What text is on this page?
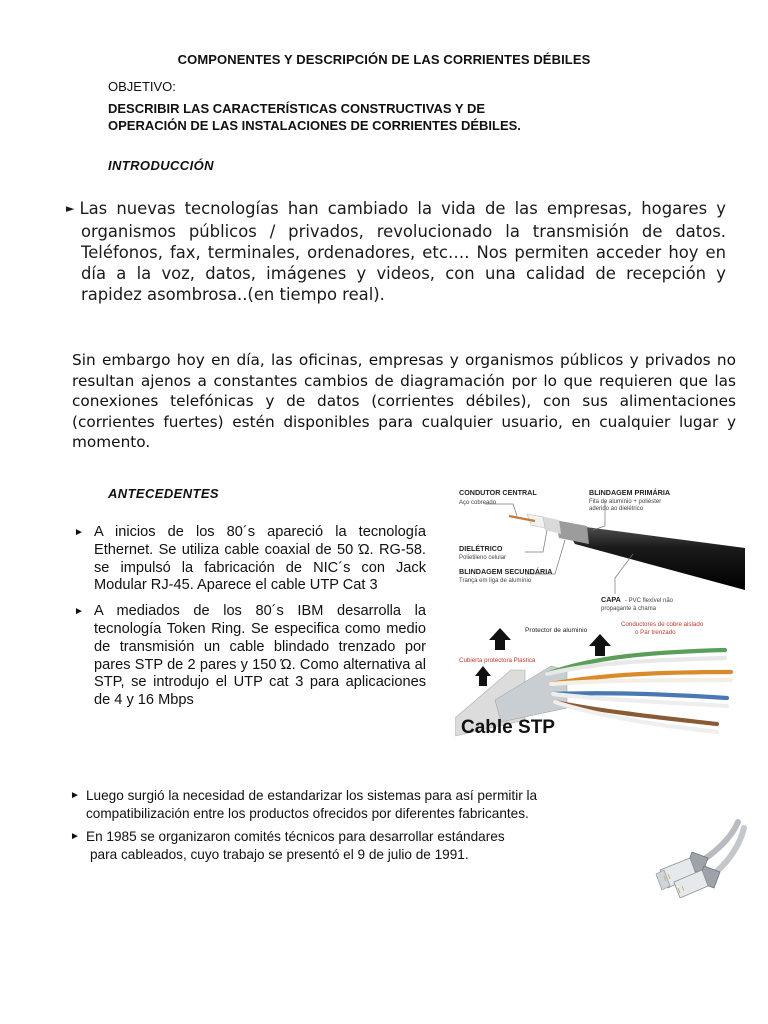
COMPONENTES Y DESCRIPCIÓN DE LAS CORRIENTES DÉBILES
OBJETIVO:
DESCRIBIR LAS CARACTERÍSTICAS CONSTRUCTIVAS Y DE
OPERACIÓN DE LAS INSTALACIONES DE CORRIENTES DÉBILES.
INTRODUCCIÓN
► Las nuevas tecnologías han cambiado la vida de las empresas, hogares y organismos públicos / privados, revolucionado la transmisión de datos. Teléfonos, fax, terminales, ordenadores, etc…. Nos permiten acceder hoy en día a la voz, datos, imágenes y videos, con una calidad de recepción y rapidez asombrosa..(en tiempo real).
Sin embargo hoy en día, las oficinas, empresas y organismos públicos y privados no resultan ajenos a constantes cambios de diagramación por lo que requieren que las conexiones telefónicas y de datos (corrientes débiles), con sus alimentaciones (corrientes fuertes) estén disponibles para cualquier usuario, en cualquier lugar y momento.
ANTECEDENTES
► A inicios de los 80´s apareció la tecnología Ethernet. Se utiliza cable coaxial de 50 Ώ. RG-58. se impulsó la fabricación de NIC´s con Jack Modular RJ-45. Aparece el cable UTP Cat 3
► A mediados de los 80´s IBM desarrolla la tecnología Token Ring. Se especifica como medio de transmisión un cable blindado trenzado por pares STP de 2 pares y 150 Ώ. Como alternativa al STP, se introdujo el UTP cat 3 para aplicaciones de 4 y 16 Mbps
CONDUTOR CENTRAL
Aço cobreado
BLINDAGEM PRIMÁRIA
Fita de alumínio + poliéster
aderido ao dielétrico
DIELÉTRICO
Polietileno celular
BLINDAGEM SECUNDÁRIA
Trança em liga de alumínio
CAPA - PVC flexível não
propagante à chama
Protector de aluminio
Conductores de cobre aislado
o Par trenzado
Cubierta protectora Plastica
Cable STP
► Luego surgió la necesidad de estandarizar los sistemas para así permitir la
compatibilización entre los productos ofrecidos por diferentes fabricantes.
► En 1985 se organizaron comités técnicos para desarrollar estándares
para cableados, cuyo trabajo se presentó el 9 de julio de 1991.
